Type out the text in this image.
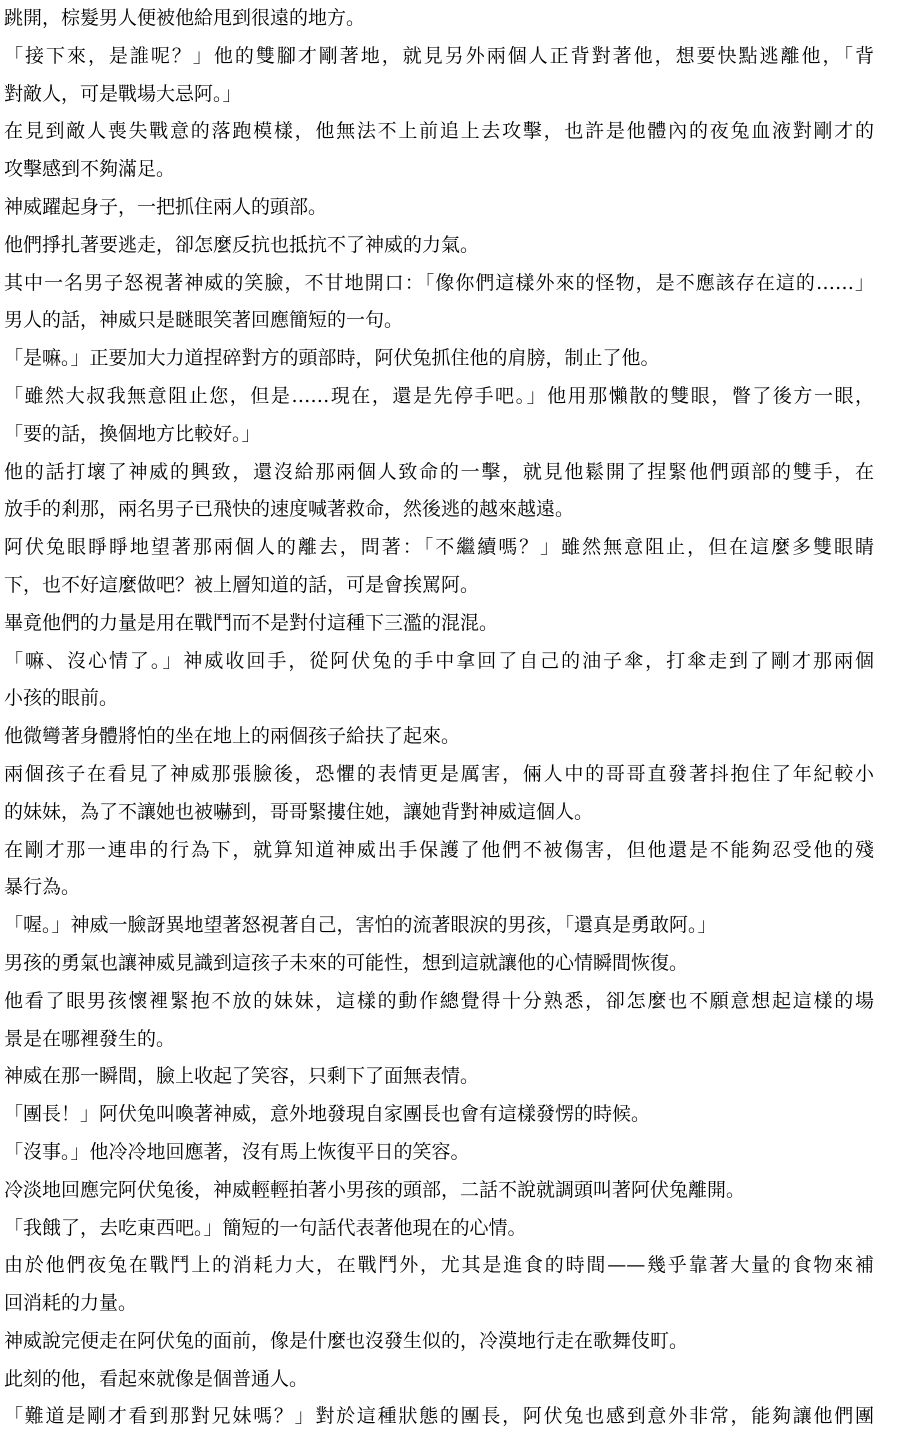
跳開，棕髮男人便被他給甩到很遠的地方。

「接下來，是誰呢？」他的雙腳才剛著地，就見另外兩個人正背對著他，想要快點逃離他，「背

對敵人，可是戰場大忌阿。」

在見到敵人喪失戰意的落跑模樣，他無法不上前追上去攻擊，也許是他體內的夜兔血液對剛才的

攻擊感到不夠滿足。

神威躍起身子，一把抓住兩人的頭部。

他們掙扎著要逃走，卻怎麼反抗也抵抗不了神威的力氣。

其中一名男子怒視著神威的笑臉，不甘地開口：「像你們這樣外來的怪物，是不應該存在這的……」

男人的話，神威只是瞇眼笑著回應簡短的一句。

「是嘛。」正要加大力道捏碎對方的頭部時，阿伏兔抓住他的肩膀，制止了他。

「雖然大叔我無意阻止您，但是……現在，還是先停手吧。」他用那懶散的雙眼，瞥了後方一眼，

「要的話，換個地方比較好。」

他的話打壞了神威的興致，還沒給那兩個人致命的一擊，就見他鬆開了捏緊他們頭部的雙手，在

放手的剎那，兩名男子已飛快的速度喊著救命，然後逃的越來越遠。

阿伏兔眼睜睜地望著那兩個人的離去，問著：「不繼續嗎？」雖然無意阻止，但在這麼多雙眼睛

下，也不好這麼做吧？被上層知道的話，可是會挨罵阿。

畢竟他們的力量是用在戰鬥而不是對付這種下三濫的混混。

「嘛、沒心情了。」神威收回手，從阿伏兔的手中拿回了自己的油子傘，打傘走到了剛才那兩個

小孩的眼前。

他微彎著身體將怕的坐在地上的兩個孩子給扶了起來。

兩個孩子在看見了神威那張臉後，恐懼的表情更是厲害，倆人中的哥哥直發著抖抱住了年紀較小

的妹妹，為了不讓她也被嚇到，哥哥緊摟住她，讓她背對神威這個人。

在剛才那一連串的行為下，就算知道神威出手保護了他們不被傷害，但他還是不能夠忍受他的殘

暴行為。

「喔。」神威一臉訝異地望著怒視著自己，害怕的流著眼淚的男孩，「還真是勇敢阿。」

男孩的勇氣也讓神威見識到這孩子未來的可能性，想到這就讓他的心情瞬間恢復。

他看了眼男孩懷裡緊抱不放的妹妹，這樣的動作總覺得十分熟悉，卻怎麼也不願意想起這樣的場

景是在哪裡發生的。

神威在那一瞬間，臉上收起了笑容，只剩下了面無表情。

「團長！」阿伏兔叫喚著神威，意外地發現自家團長也會有這樣發愣的時候。

「沒事。」他冷冷地回應著，沒有馬上恢復平日的笑容。

冷淡地回應完阿伏兔後，神威輕輕拍著小男孩的頭部，二話不說就調頭叫著阿伏兔離開。

「我餓了，去吃東西吧。」簡短的一句話代表著他現在的心情。

由於他們夜兔在戰鬥上的消耗力大，在戰鬥外，尤其是進食的時間——幾乎靠著大量的食物來補

回消耗的力量。

神威說完便走在阿伏兔的面前，像是什麼也沒發生似的，冷漠地行走在歌舞伎町。

此刻的他，看起來就像是個普通人。

「難道是剛才看到那對兄妹嗎？」對於這種狀態的團長，阿伏兔也感到意外非常，能夠讓他們團
